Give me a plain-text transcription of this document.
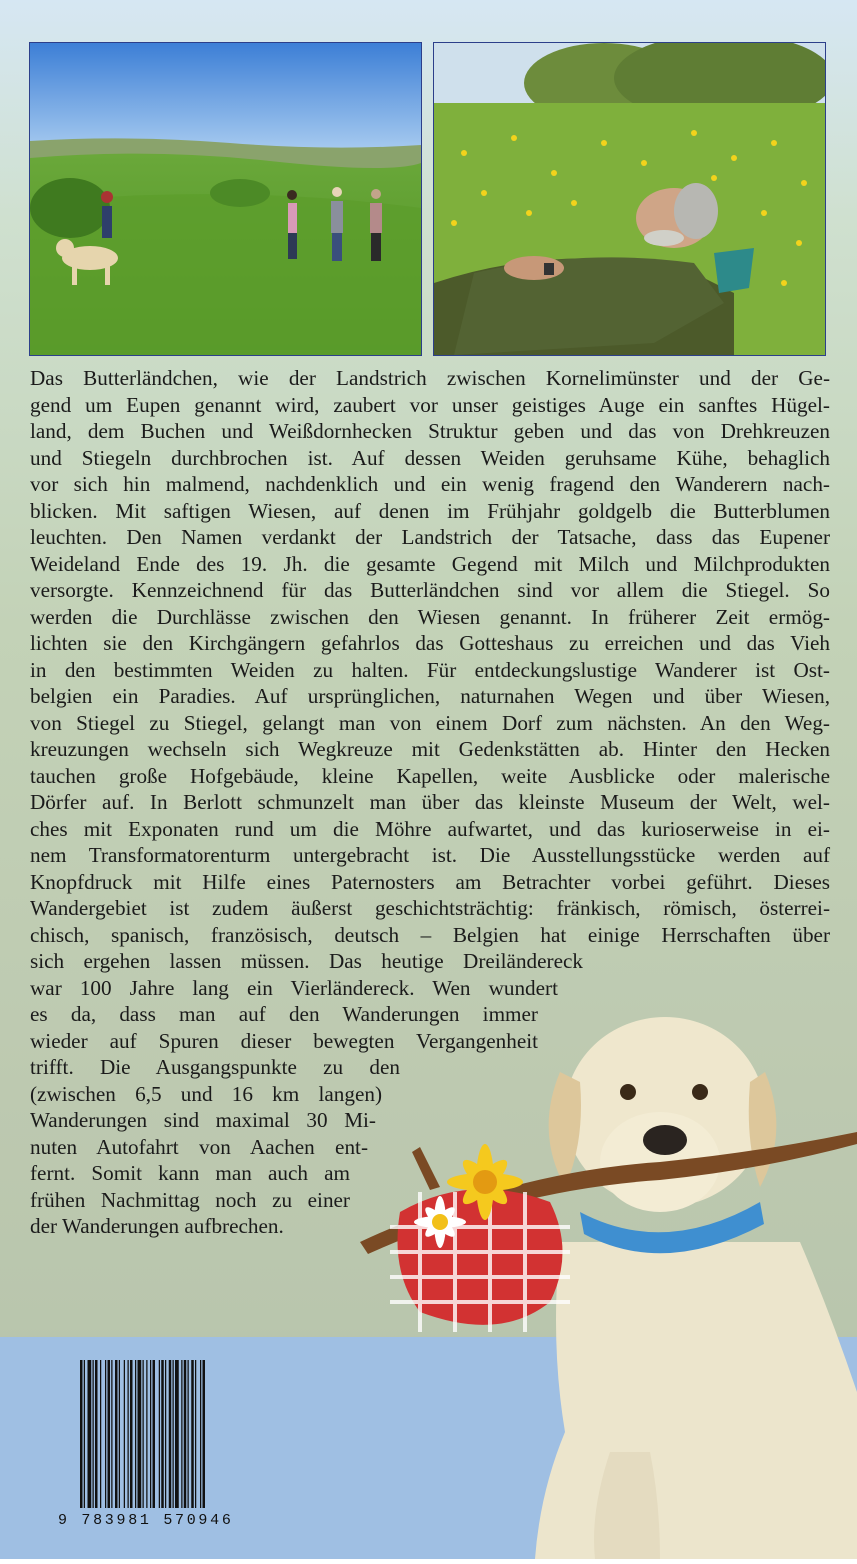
Das Butterländchen, wie der Landstrich zwischen Kornelimünster und der Ge-
gend um Eupen genannt wird, zaubert vor unser geistiges Auge ein sanftes Hügel-
land, dem Buchen und Weißdornhecken Struktur geben und das von Drehkreuzen
und Stiegeln durchbrochen ist. Auf dessen Weiden geruhsame Kühe, behaglich
vor sich hin malmend, nachdenklich und ein wenig fragend den Wanderern nach-
blicken. Mit saftigen Wiesen, auf denen im Frühjahr goldgelb die Butterblumen
leuchten. Den Namen verdankt der Landstrich der Tatsache, dass das Eupener
Weideland Ende des 19. Jh. die gesamte Gegend mit Milch und Milchprodukten
versorgte. Kennzeichnend für das Butterländchen sind vor allem die Stiegel. So
werden die Durchlässe zwischen den Wiesen genannt. In früherer Zeit ermög-
lichten sie den Kirchgängern gefahrlos das Gotteshaus zu erreichen und das Vieh
in den bestimmten Weiden zu halten. Für entdeckungslustige Wanderer ist Ost-
belgien ein Paradies. Auf ursprünglichen, naturnahen Wegen und über Wiesen,
von Stiegel zu Stiegel, gelangt man von einem Dorf zum nächsten. An den Weg-
kreuzungen wechseln sich Wegkreuze mit Gedenkstätten ab. Hinter den Hecken
tauchen große Hofgebäude, kleine Kapellen, weite Ausblicke oder malerische
Dörfer auf. In Berlott schmunzelt man über das kleinste Museum der Welt, wel-
ches mit Exponaten rund um die Möhre aufwartet, und das kurioserweise in ei-
nem Transformatorenturm untergebracht ist. Die Ausstellungsstücke werden auf
Knopfdruck mit Hilfe eines Paternosters am Betrachter vorbei geführt. Dieses
Wandergebiet ist zudem äußerst geschichtsträchtig: fränkisch, römisch, österrei-
chisch, spanisch, französisch, deutsch – Belgien hat einige Herrschaften über
sich ergehen lassen müssen. Das heutige Dreiländereck
war 100 Jahre lang ein Vierländereck. Wen wundert
es da, dass man auf den Wanderungen immer
wieder auf Spuren dieser bewegten Vergangenheit
trifft. Die Ausgangspunkte zu den
(zwischen 6,5 und 16 km langen)
Wanderungen sind maximal 30 Mi-
nuten Autofahrt von Aachen ent-
fernt. Somit kann man auch am
frühen Nachmittag noch zu einer
der Wanderungen aufbrechen.
9 783981 570946
